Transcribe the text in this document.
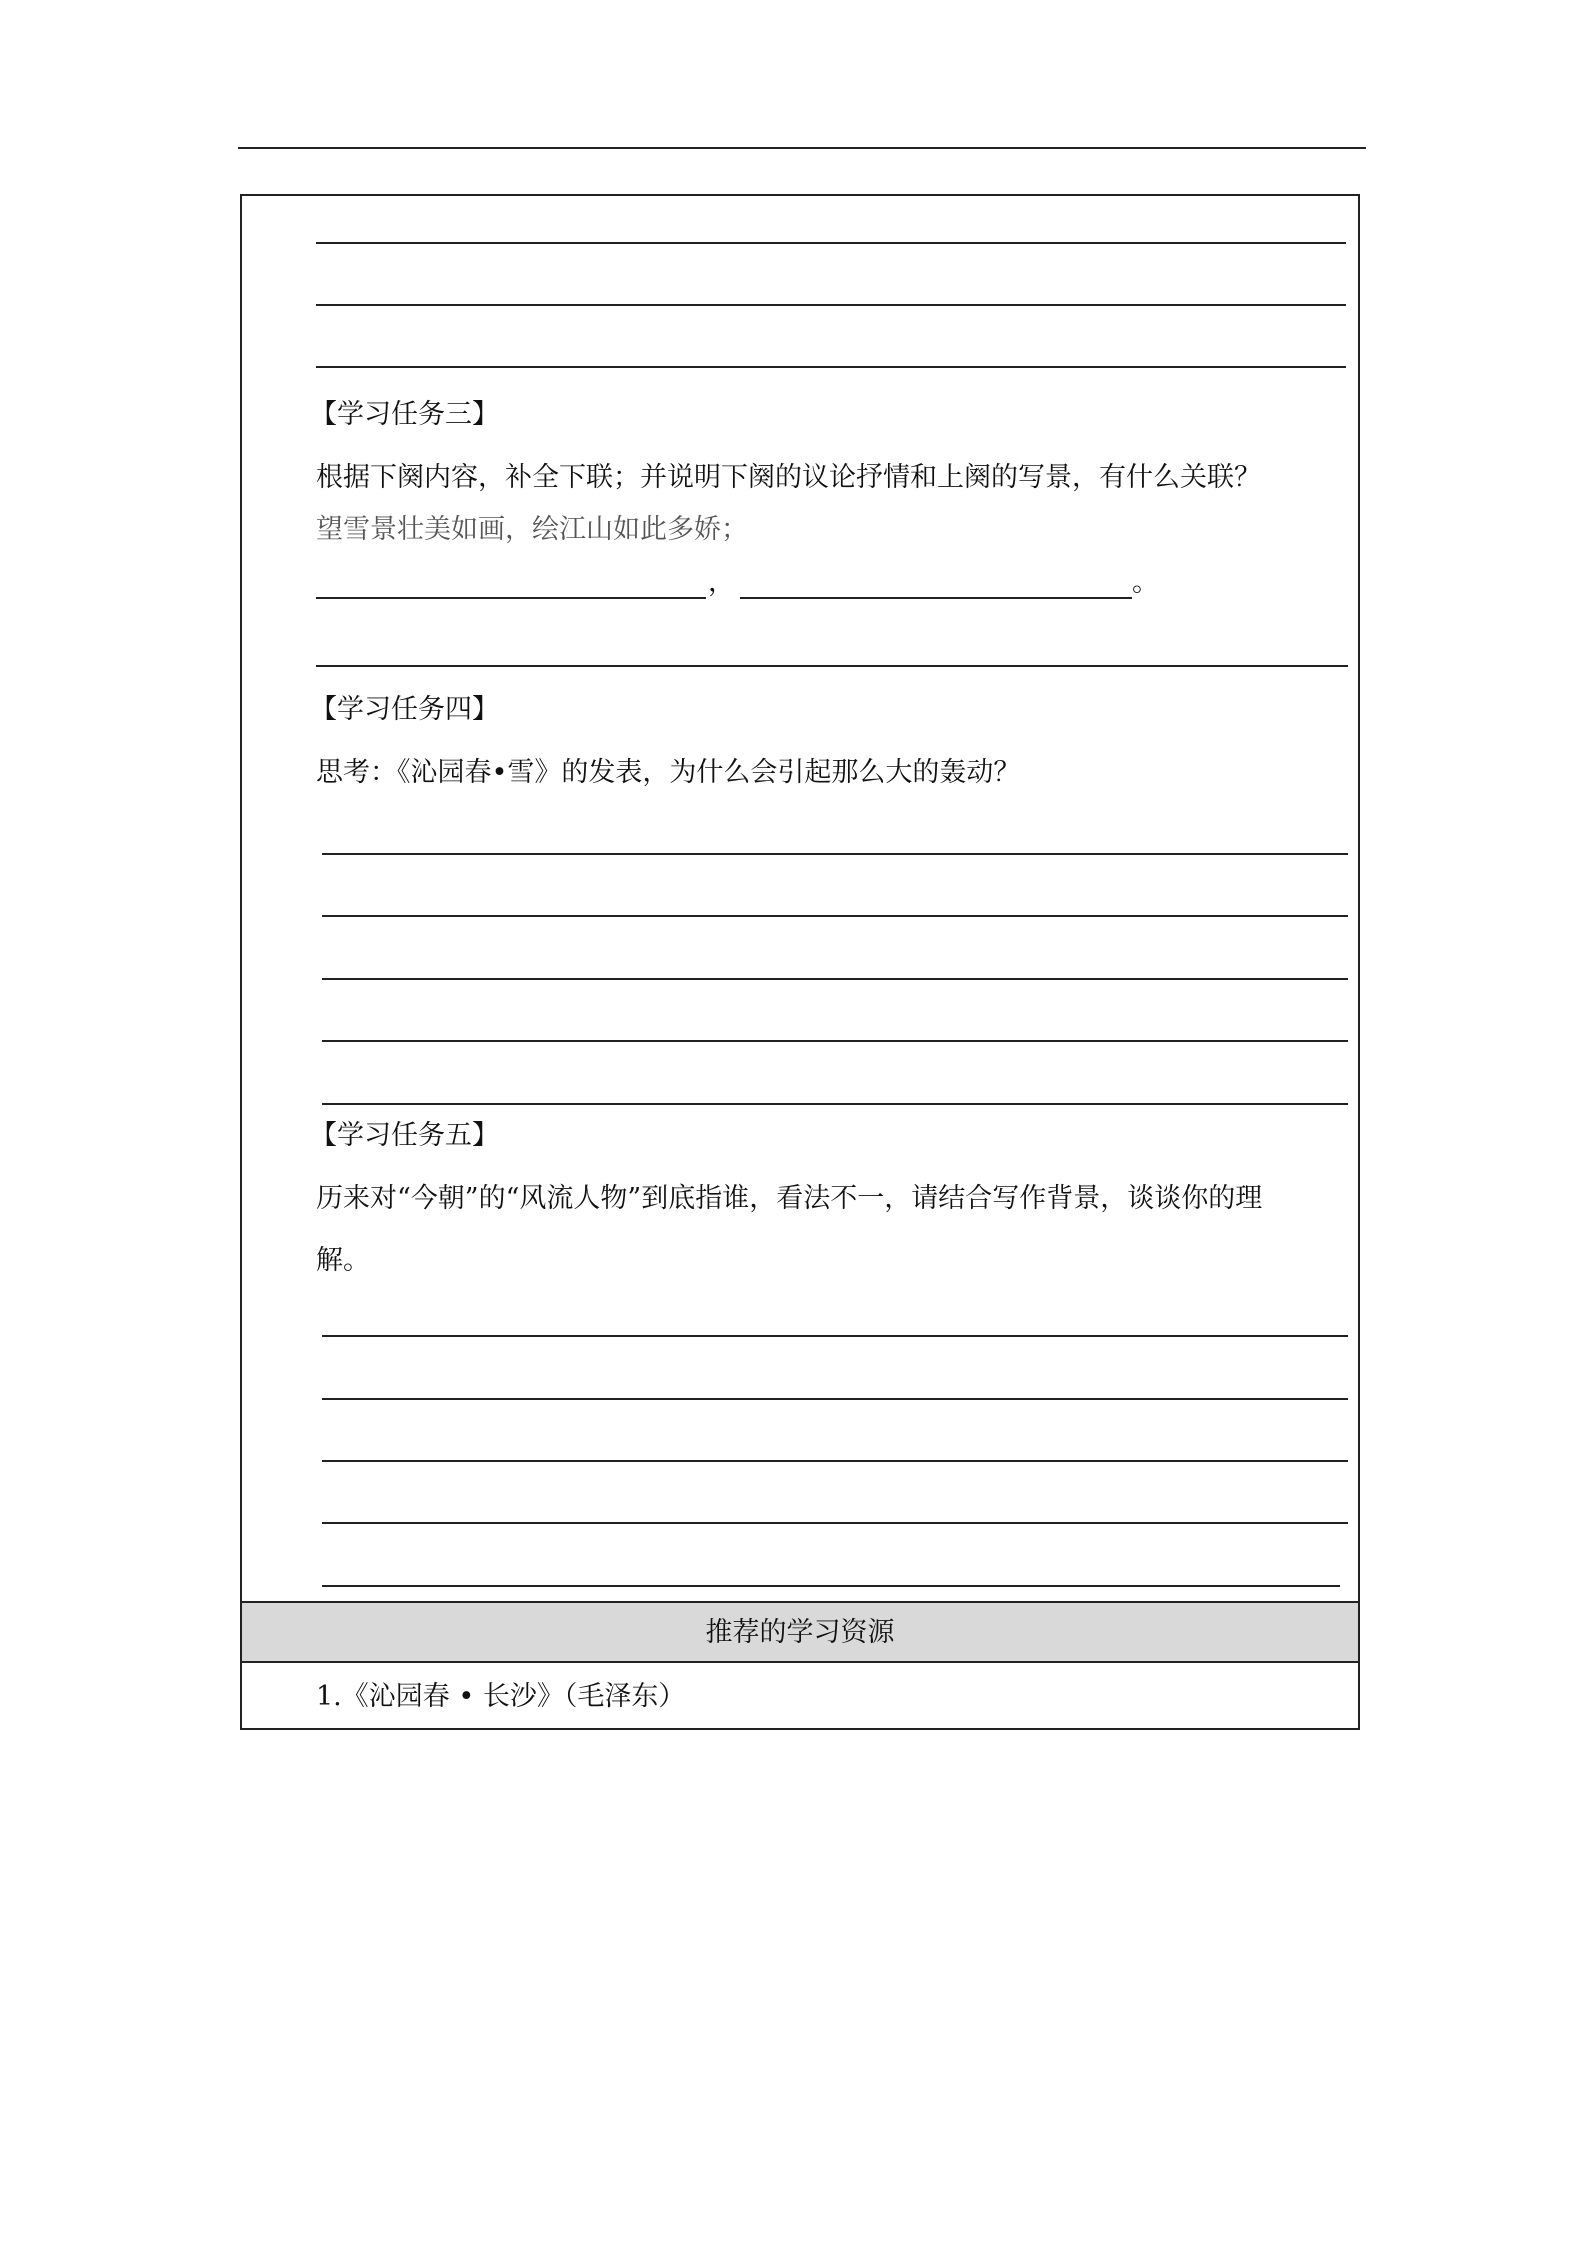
【学习任务三】
根据下阕内容，补全下联；并说明下阕的议论抒情和上阕的写景，有什么关联？
望雪景壮美如画，绘江山如此多娇；
，	。
【学习任务四】
思考：《沁园春•雪》的发表，为什么会引起那么大的轰动？
【学习任务五】
历来对“今朝”的“风流人物”到底指谁，看法不一，请结合写作背景，谈谈你的理
解。
推荐的学习资源
1.《沁园春 • 长沙》（毛泽东）
